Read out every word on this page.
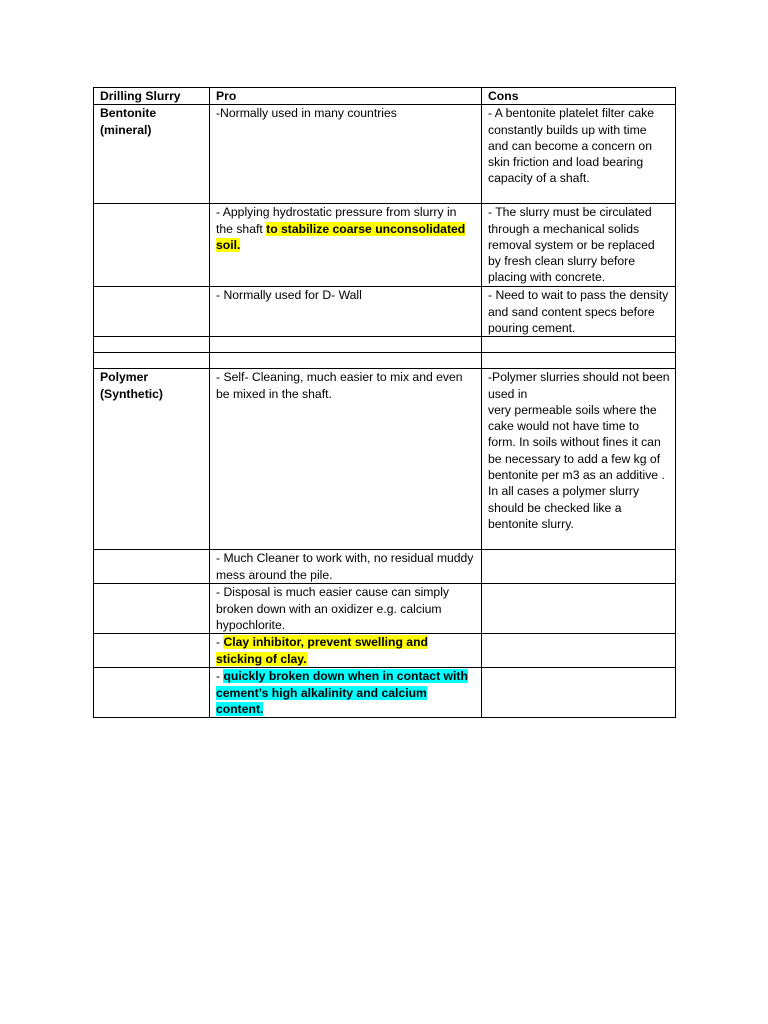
Drilling Slurry	Pro	Cons
Bentonite (mineral)	-Normally used in many countries	- A bentonite platelet filter cake constantly builds up with time and can become a concern on skin friction and load bearing capacity of a shaft.
	- Applying hydrostatic pressure from slurry in the shaft to stabilize coarse unconsolidated soil.	- The slurry must be circulated through a mechanical solids removal system or be replaced by fresh clean slurry before placing with concrete.
	- Normally used for D- Wall	- Need to wait to pass the density and sand content specs before pouring cement.

Polymer (Synthetic)	- Self- Cleaning, much easier to mix and even be mixed in the shaft.	-Polymer slurries should not been used in
very permeable soils where the cake would not have time to form. In soils without fines it can be necessary to add a few kg of bentonite per m3 as an additive .
In all cases a polymer slurry should be checked like a bentonite slurry.

	- Much Cleaner to work with, no residual muddy mess around the pile.	
	- Disposal is much easier cause can simply broken down with an oxidizer e.g. calcium hypochlorite.	
	- Clay inhibitor, prevent swelling and sticking of clay.	
	- quickly broken down when in contact with cement’s high alkalinity and calcium content.	
